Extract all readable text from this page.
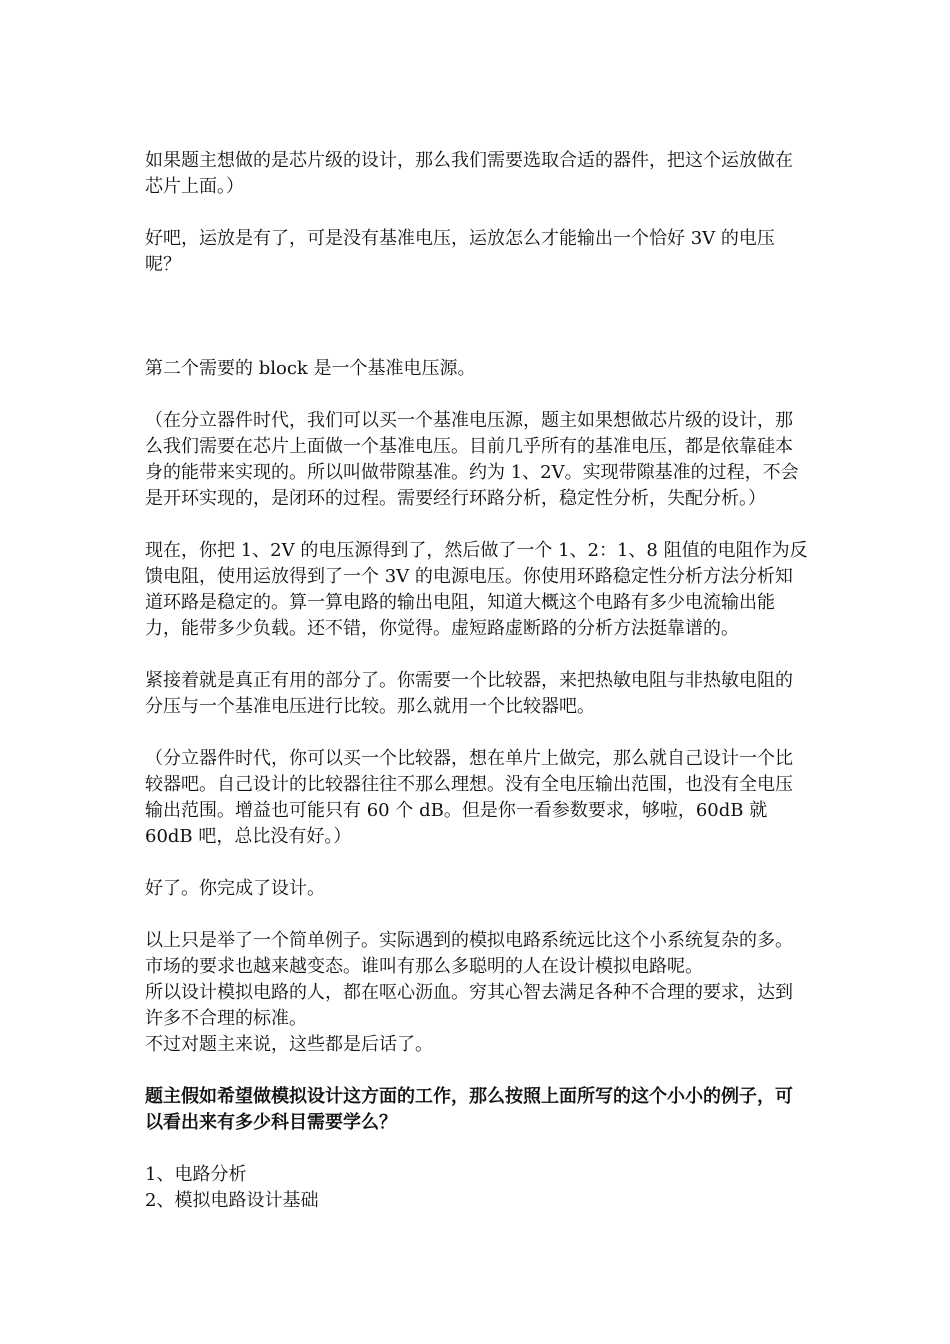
如果题主想做的是芯片级的设计，那么我们需要选取合适的器件，把这个运放做在芯片上面。）

好吧，运放是有了，可是没有基准电压，运放怎么才能输出一个恰好 3V 的电压呢？

第二个需要的 block 是一个基准电压源。

（在分立器件时代，我们可以买一个基准电压源，题主如果想做芯片级的设计，那么我们需要在芯片上面做一个基准电压。目前几乎所有的基准电压，都是依靠硅本身的能带来实现的。所以叫做带隙基准。约为 1、2V。实现带隙基准的过程，不会是开环实现的，是闭环的过程。需要经行环路分析，稳定性分析，失配分析。）

现在，你把 1、2V 的电压源得到了，然后做了一个 1、2：1、8 阻值的电阻作为反馈电阻，使用运放得到了一个 3V 的电源电压。你使用环路稳定性分析方法分析知道环路是稳定的。算一算电路的输出电阻，知道大概这个电路有多少电流输出能力，能带多少负载。还不错，你觉得。虚短路虚断路的分析方法挺靠谱的。

紧接着就是真正有用的部分了。你需要一个比较器，来把热敏电阻与非热敏电阻的分压与一个基准电压进行比较。那么就用一个比较器吧。

（分立器件时代，你可以买一个比较器，想在单片上做完，那么就自己设计一个比较器吧。自己设计的比较器往往不那么理想。没有全电压输出范围，也没有全电压输出范围。增益也可能只有 60 个 dB。但是你一看参数要求，够啦，60dB 就 60dB 吧，总比没有好。）

好了。你完成了设计。

以上只是举了一个简单例子。实际遇到的模拟电路系统远比这个小系统复杂的多。市场的要求也越来越变态。谁叫有那么多聪明的人在设计模拟电路呢。

所以设计模拟电路的人，都在呕心沥血。穷其心智去满足各种不合理的要求，达到许多不合理的标准。

不过对题主来说，这些都是后话了。

题主假如希望做模拟设计这方面的工作，那么按照上面所写的这个小小的例子，可以看出来有多少科目需要学么？

1、电路分析

2、模拟电路设计基础
